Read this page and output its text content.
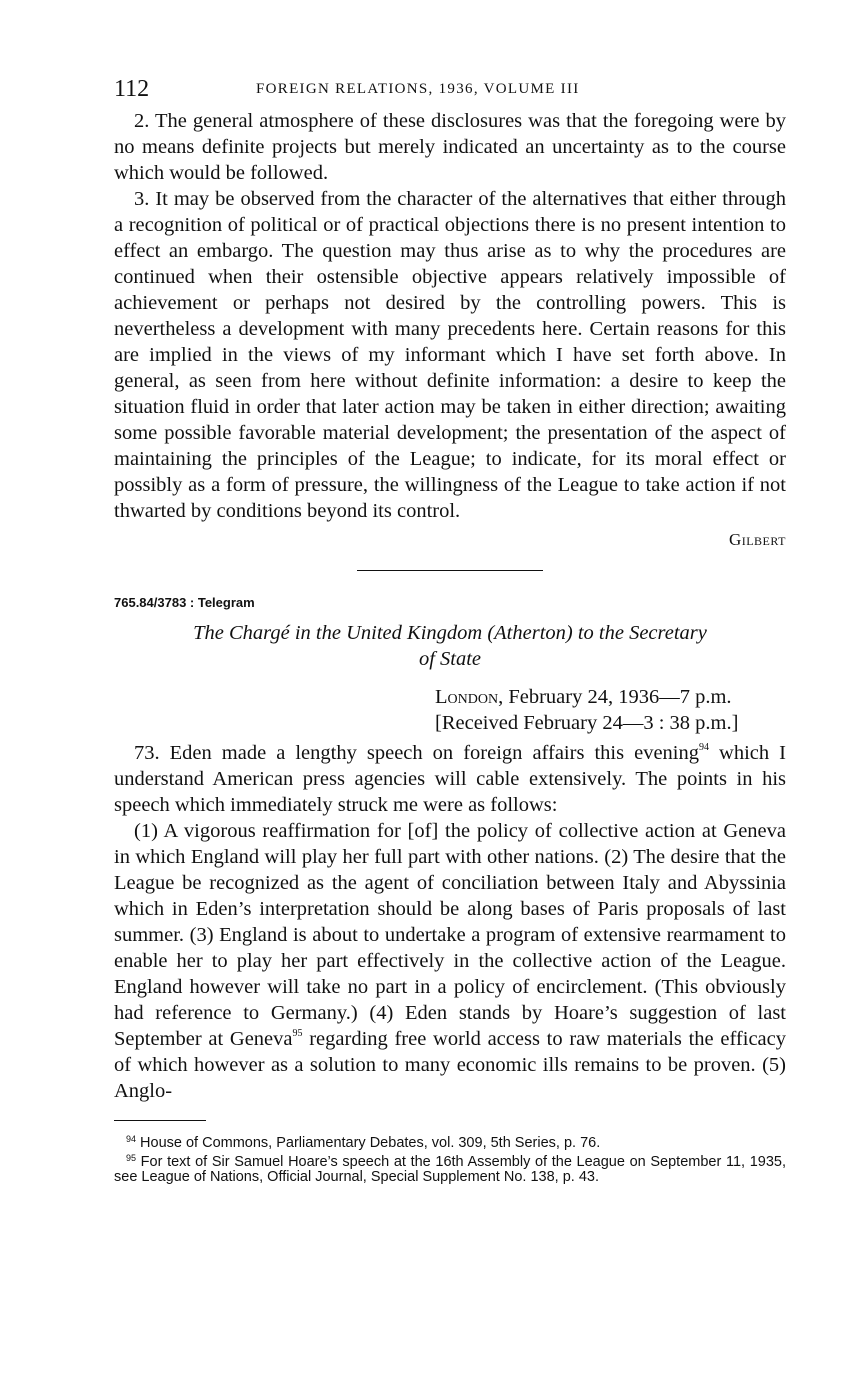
112	FOREIGN RELATIONS, 1936, VOLUME III

2. The general atmosphere of these disclosures was that the foregoing were by no means definite projects but merely indicated an uncertainty as to the course which would be followed.

3. It may be observed from the character of the alternatives that either through a recognition of political or of practical objections there is no present intention to effect an embargo. The question may thus arise as to why the procedures are continued when their ostensible objective appears relatively impossible of achievement or perhaps not desired by the controlling powers. This is nevertheless a development with many precedents here. Certain reasons for this are implied in the views of my informant which I have set forth above. In general, as seen from here without definite information: a desire to keep the situation fluid in order that later action may be taken in either direction; awaiting some possible favorable material development; the presentation of the aspect of maintaining the principles of the League; to indicate, for its moral effect or possibly as a form of pressure, the willingness of the League to take action if not thwarted by conditions beyond its control.

Gilbert
765.84/3783 : Telegram
The Chargé in the United Kingdom (Atherton) to the Secretary
of State
London, February 24, 1936—7 p.m.
[Received February 24—3 : 38 p.m.]

73. Eden made a lengthy speech on foreign affairs this evening$^{94}$ which I understand American press agencies will cable extensively. The points in his speech which immediately struck me were as follows:

(1) A vigorous reaffirmation for [of] the policy of collective action at Geneva in which England will play her full part with other nations. (2) The desire that the League be recognized as the agent of conciliation between Italy and Abyssinia which in Eden’s interpretation should be along bases of Paris proposals of last summer. (3) England is about to undertake a program of extensive rearmament to enable her to play her part effectively in the collective action of the League. England however will take no part in a policy of encirclement. (This obviously had reference to Germany.) (4) Eden stands by Hoare’s suggestion of last September at Geneva$^{95}$ regarding free world access to raw materials the efficacy of which however as a solution to many economic ills remains to be proven. (5) Anglo-

$^{94}$ House of Commons, Parliamentary Debates, vol. 309, 5th Series, p. 76.
$^{95}$ For text of Sir Samuel Hoare’s speech at the 16th Assembly of the League on September 11, 1935, see League of Nations, Official Journal, Special Supplement No. 138, p. 43.
